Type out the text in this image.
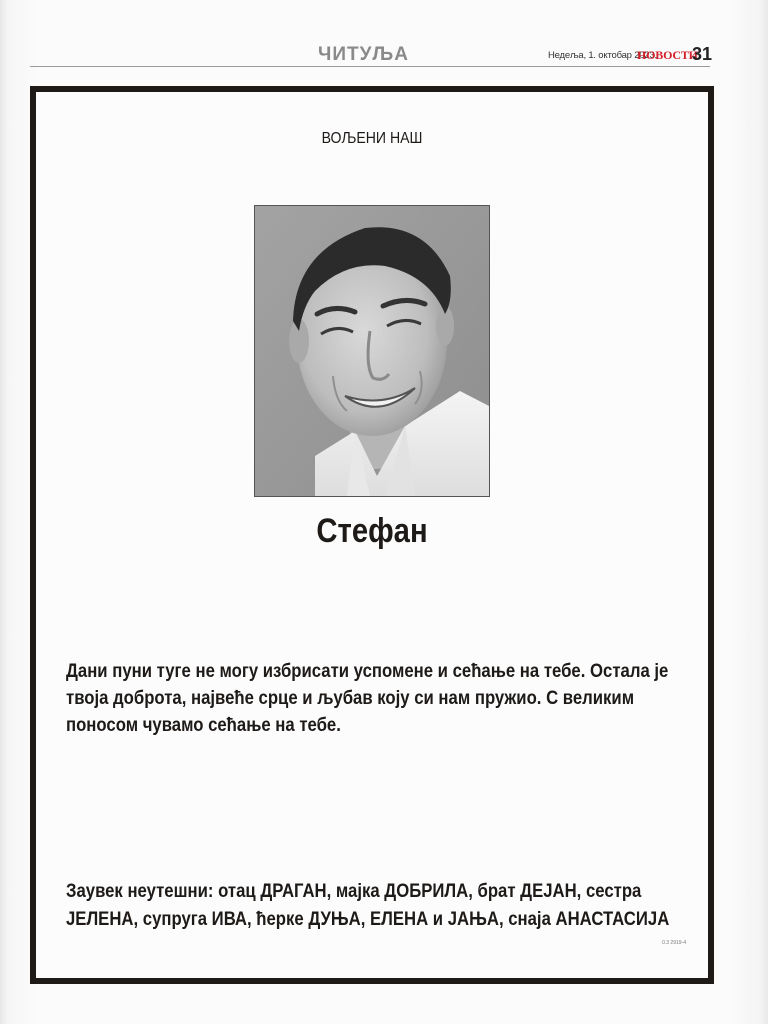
ЧИТУЉА	Недеља, 1. октобар 2023.
НОВОСТИ
31
ВОЉЕНИ НАШ
Стефан
Дани пуни туге не могу избрисати успомене и сећање на тебе. Остала је твоја доброта, највеће срце и љубав коју си нам пружио. С великим поносом чувамо сећање на тебе.
Заувек неутешни: отац ДРАГАН, мајка ДОБРИЛА, брат ДЕЈАН, сестра ЈЕЛЕНА, супруга ИВА, ћерке ДУЊА, ЕЛЕНА и ЈАЊА, снаја АНАСТАСИЈА
0.3 2919-4
